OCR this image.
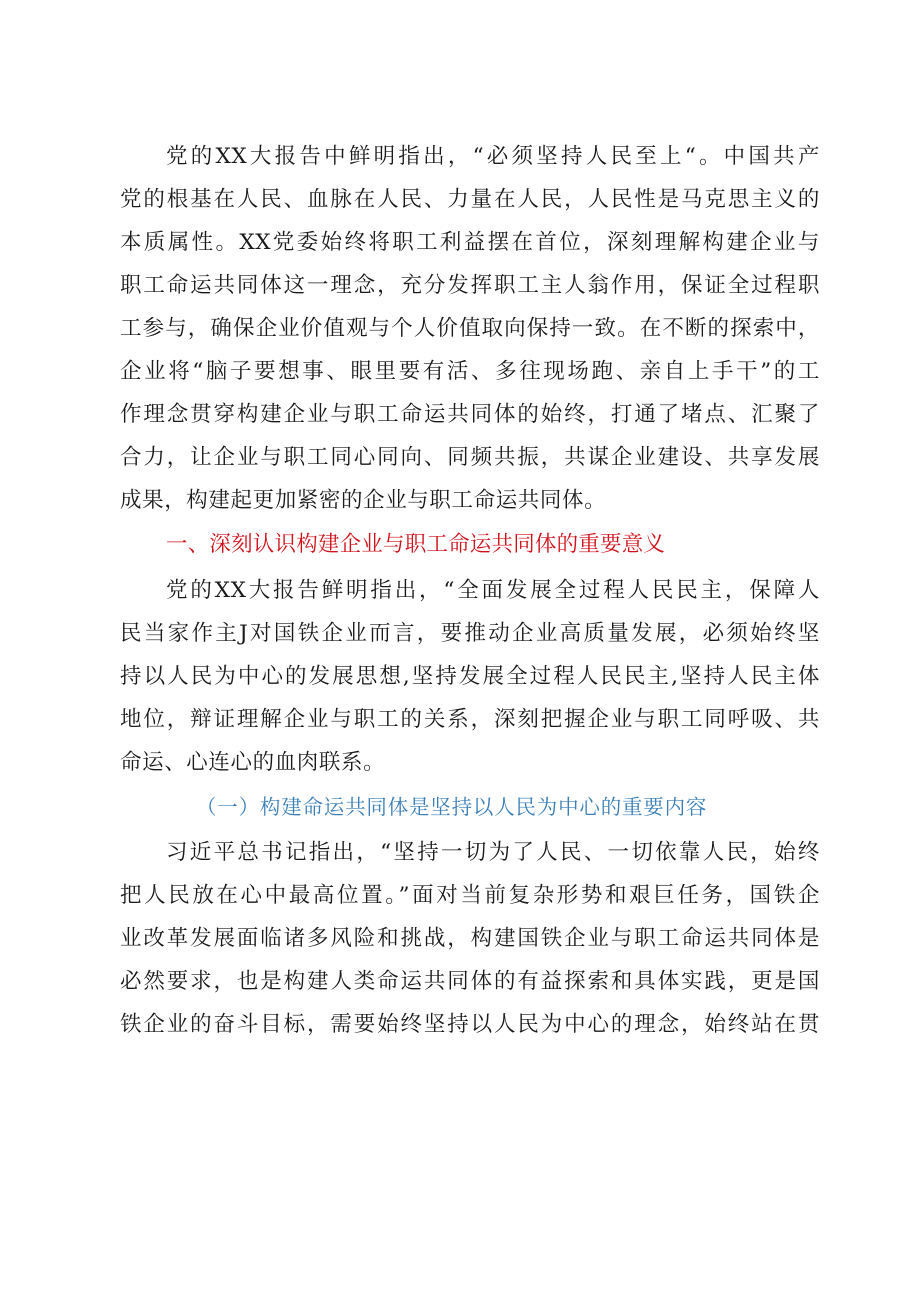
党的XX大报告中鲜明指出，“必须坚持人民至上“。中国共产
党的根基在人民、血脉在人民、力量在人民，人民性是马克思主义的
本质属性。XX党委始终将职工利益摆在首位，深刻理解构建企业与
职工命运共同体这一理念，充分发挥职工主人翁作用，保证全过程职
工参与，确保企业价值观与个人价值取向保持一致。在不断的探索中，
企业将“脑子要想事、眼里要有活、多往现场跑、亲自上手干”的工
作理念贯穿构建企业与职工命运共同体的始终，打通了堵点、汇聚了
合力，让企业与职工同心同向、同频共振，共谋企业建设、共享发展
成果，构建起更加紧密的企业与职工命运共同体。
一、深刻认识构建企业与职工命运共同体的重要意义
党的XX大报告鲜明指出，“全面发展全过程人民民主，保障人
民当家作主J对国铁企业而言，要推动企业高质量发展，必须始终坚
持以人民为中心的发展思想,坚持发展全过程人民民主,坚持人民主体
地位，辩证理解企业与职工的关系，深刻把握企业与职工同呼吸、共
命运、心连心的血肉联系。
（一）构建命运共同体是坚持以人民为中心的重要内容
习近平总书记指出，“坚持一切为了人民、一切依靠人民，始终
把人民放在心中最高位置。”面对当前复杂形势和艰巨任务，国铁企
业改革发展面临诸多风险和挑战，构建国铁企业与职工命运共同体是
必然要求，也是构建人类命运共同体的有益探索和具体实践，更是国
铁企业的奋斗目标，需要始终坚持以人民为中心的理念，始终站在贯
